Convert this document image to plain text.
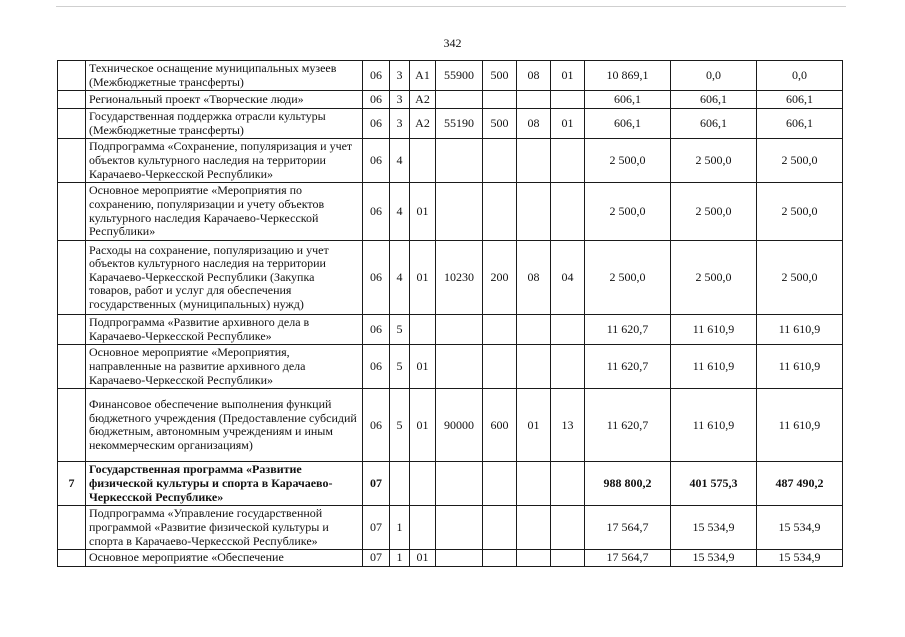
342
	Техническое оснащение муниципальных музеев (Межбюджетные трансферты)	06	3	А1	55900	500	08	01	10 869,1	0,0	0,0
	Региональный проект «Творческие люди»	06	3	А2					606,1	606,1	606,1
	Государственная поддержка отрасли культуры (Межбюджетные трансферты)	06	3	А2	55190	500	08	01	606,1	606,1	606,1
	Подпрограмма «Сохранение, популяризация и учет объектов культурного наследия на территории Карачаево-Черкесской Республики»	06	4						2 500,0	2 500,0	2 500,0
	Основное мероприятие «Мероприятия по сохранению, популяризации и учету объектов культурного наследия Карачаево-Черкесской Республики»	06	4	01					2 500,0	2 500,0	2 500,0
	Расходы на сохранение, популяризацию и учет объектов культурного наследия на территории Карачаево-Черкесской Республики (Закупка товаров, работ и услуг для обеспечения государственных (муниципальных) нужд)	06	4	01	10230	200	08	04	2 500,0	2 500,0	2 500,0
	Подпрограмма «Развитие архивного дела в Карачаево-Черкесской Республике»	06	5						11 620,7	11 610,9	11 610,9
	Основное мероприятие «Мероприятия, направленные на развитие архивного дела Карачаево-Черкесской Республики»	06	5	01					11 620,7	11 610,9	11 610,9
	Финансовое обеспечение выполнения функций бюджетного учреждения (Предоставление субсидий бюджетным, автономным учреждениям и иным некоммерческим организациям)	06	5	01	90000	600	01	13	11 620,7	11 610,9	11 610,9
7	Государственная программа «Развитие физической культуры и спорта в Карачаево-Черкесской Республике»	07							988 800,2	401 575,3	487 490,2
	Подпрограмма «Управление государственной программой «Развитие физической культуры и спорта в Карачаево-Черкесской Республике»	07	1						17 564,7	15 534,9	15 534,9
	Основное мероприятие «Обеспечение	07	1	01					17 564,7	15 534,9	15 534,9
